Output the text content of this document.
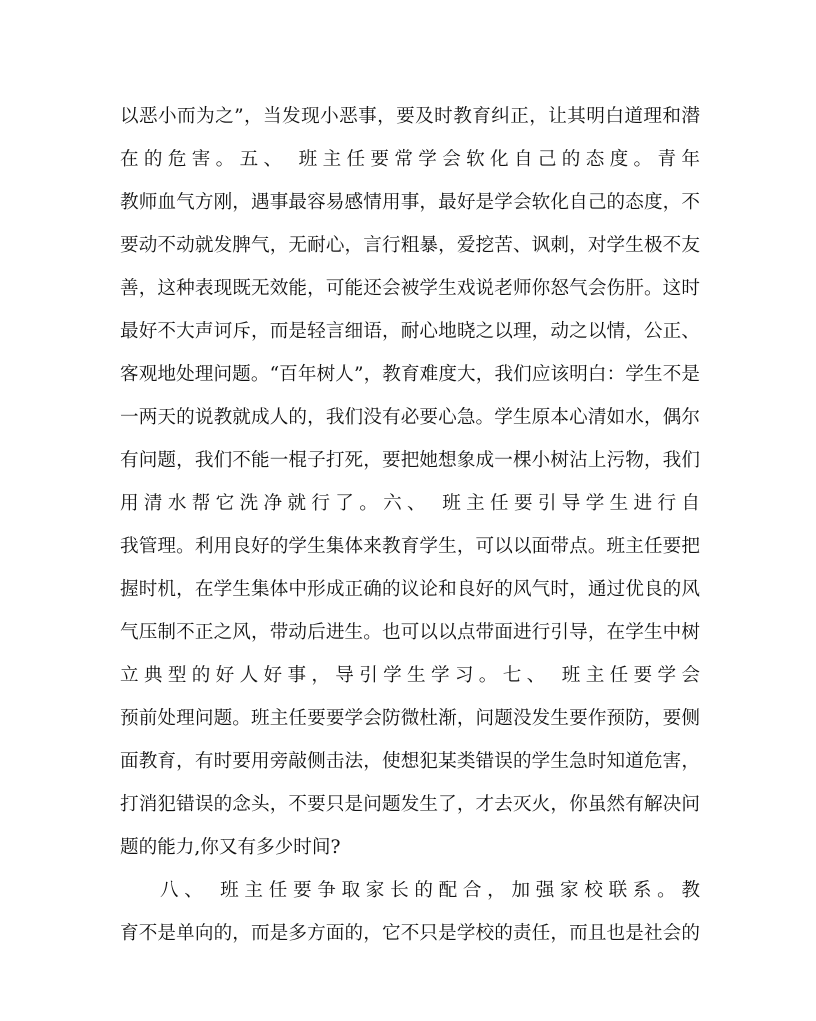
以恶小而为之”，当发现小恶事，要及时教育纠正，让其明白道理和潜
在的危害。五、 班主任要常学会软化自己的态度。青年
教师血气方刚，遇事最容易感情用事，最好是学会软化自己的态度，不
要动不动就发脾气，无耐心，言行粗暴，爱挖苦、讽刺，对学生极不友
善，这种表现既无效能，可能还会被学生戏说老师你怒气会伤肝。这时
最好不大声诃斥，而是轻言细语，耐心地晓之以理，动之以情，公正、
客观地处理问题。“百年树人”，教育难度大，我们应该明白：学生不是
一两天的说教就成人的，我们没有必要心急。学生原本心清如水，偶尔
有问题，我们不能一棍子打死，要把她想象成一棵小树沾上污物，我们
用清水帮它洗净就行了。六、 班主任要引导学生进行自
我管理。利用良好的学生集体来教育学生，可以以面带点。班主任要把
握时机，在学生集体中形成正确的议论和良好的风气时，通过优良的风
气压制不正之风，带动后进生。也可以以点带面进行引导，在学生中树
立典型的好人好事，导引学生学习。七、 班主任要学会
预前处理问题。班主任要要学会防微杜渐，问题没发生要作预防，要侧
面教育，有时要用旁敲侧击法，使想犯某类错误的学生急时知道危害，
打消犯错误的念头，不要只是问题发生了，才去灭火，你虽然有解决问
题的能力,你又有多少时间?
八、 班主任要争取家长的配合，加强家校联系。教
育不是单向的，而是多方面的，它不只是学校的责任，而且也是社会的
